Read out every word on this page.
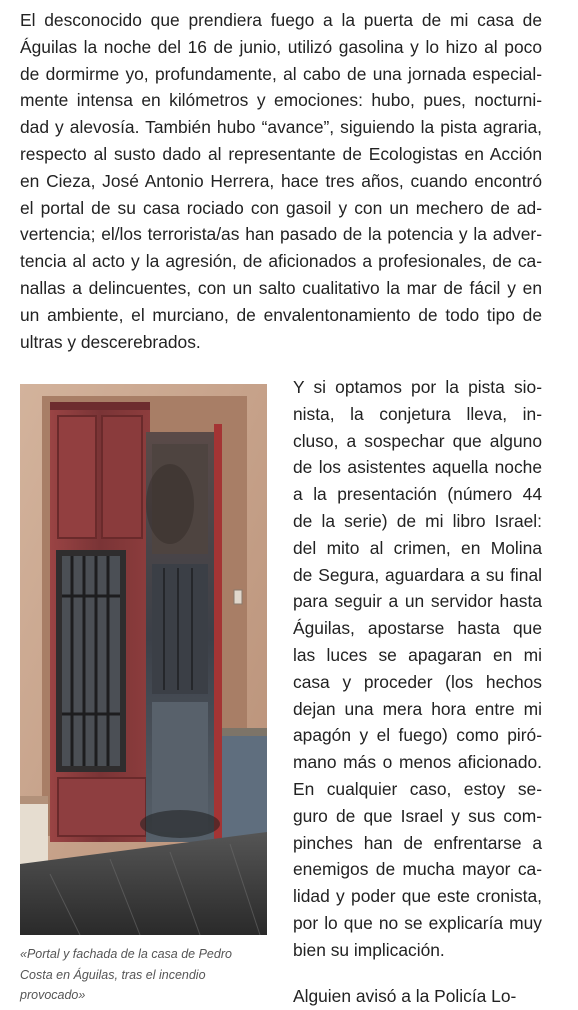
El desconocido que prendiera fuego a la puerta de mi casa de
Águilas la noche del 16 de junio, utilizó gasolina y lo hizo al poco
de dormirme yo, profundamente, al cabo de una jornada especial-
mente intensa en kilómetros y emociones: hubo, pues, nocturni-
dad y alevosía. También hubo “avance”, siguiendo la pista agraria,
respecto al susto dado al representante de Ecologistas en Acción
en Cieza, José Antonio Herrera, hace tres años, cuando encontró
el portal de su casa rociado con gasoil y con un mechero de ad-
vertencia; el/los terrorista/as han pasado de la potencia y la adver-
tencia al acto y la agresión, de aficionados a profesionales, de ca-
nallas a delincuentes, con un salto cualitativo la mar de fácil y en
un ambiente, el murciano, de envalentonamiento de todo tipo de
ultras y descerebrados.
«Portal y fachada de la casa de Pedro Costa en Águilas, tras el incendio provocado»
Y si optamos por la pista sio-
nista, la conjetura lleva, in-
cluso, a sospechar que alguno
de los asistentes aquella noche
a la presentación (número 44
de la serie) de mi libro Israel:
del mito al crimen, en Molina
de Segura, aguardara a su final
para seguir a un servidor hasta
Águilas, apostarse hasta que
las luces se apagaran en mi
casa y proceder (los hechos
dejan una mera hora entre mi
apagón y el fuego) como piró-
mano más o menos aficionado.
En cualquier caso, estoy se-
guro de que Israel y sus com-
pinches han de enfrentarse a
enemigos de mucha mayor ca-
lidad y poder que este cronista,
por lo que no se explicaría muy
bien su implicación.
Alguien avisó a la Policía Lo-
